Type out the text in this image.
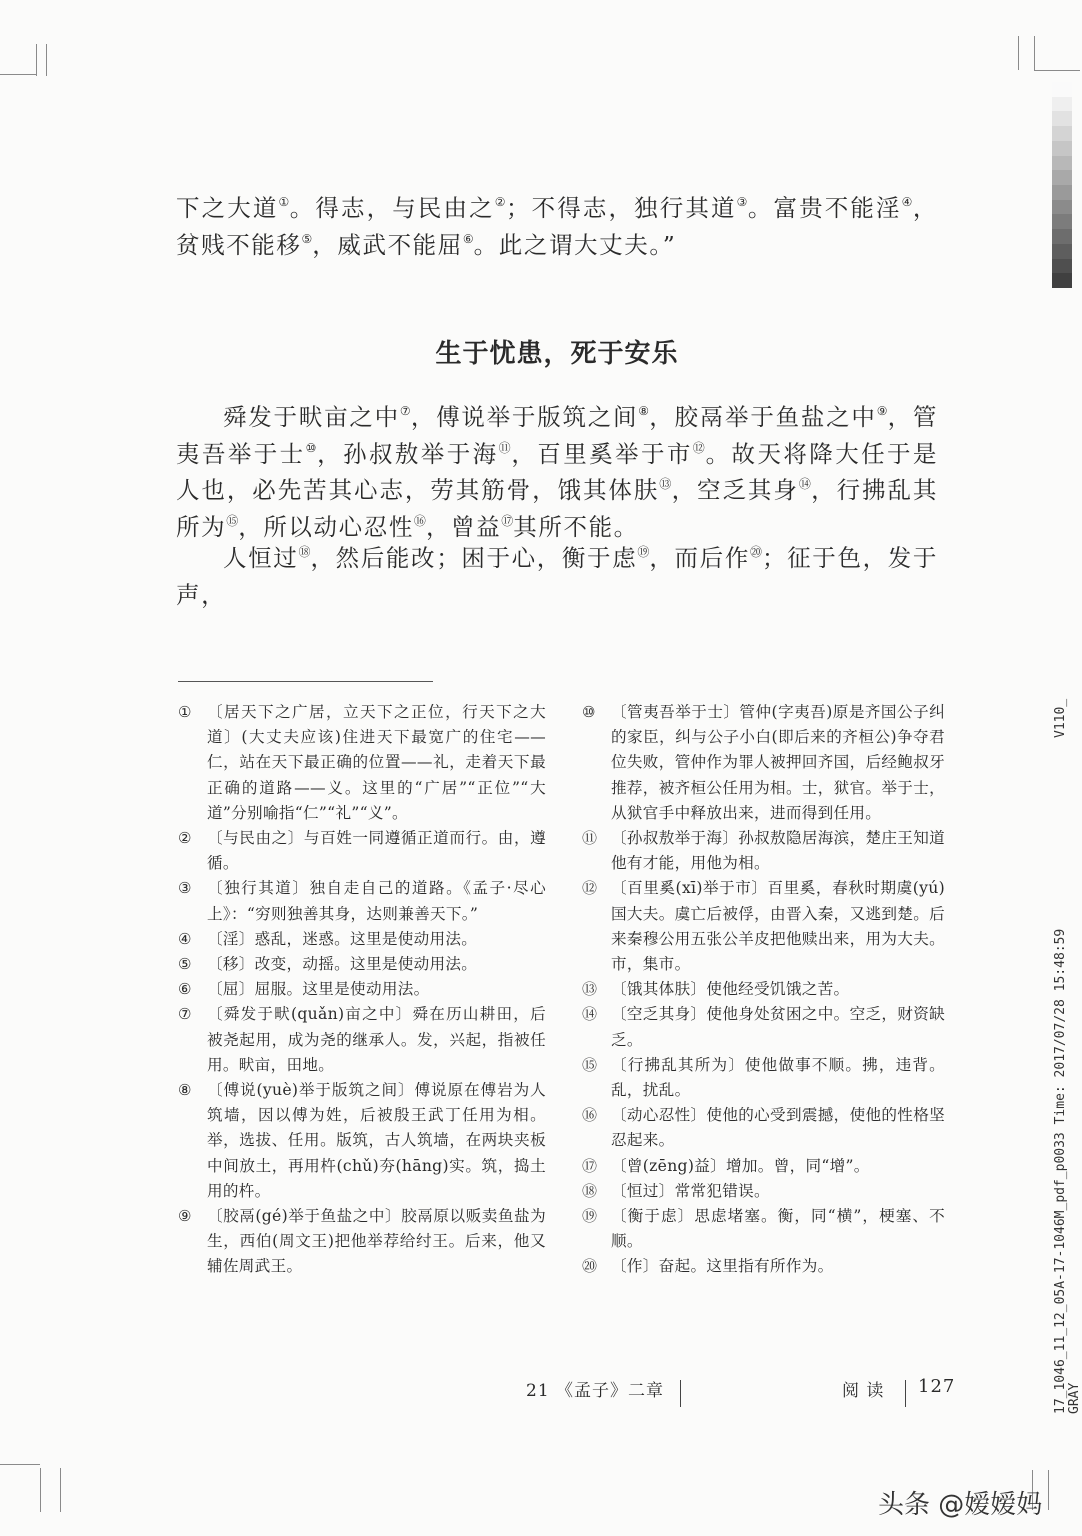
下之大道①。得志，与民由之②；不得志，独行其道③。富贵不能淫④，贫贱不能移⑤，威武不能屈⑥。此之谓大丈夫。”

生于忧患，死于安乐

舜发于畎亩之中⑦，傅说举于版筑之间⑧，胶鬲举于鱼盐之中⑨，管夷吾举于士⑩，孙叔敖举于海⑪，百里奚举于市⑫。故天将降大任于是人也，必先苦其心志，劳其筋骨，饿其体肤⑬，空乏其身⑭，行拂乱其所为⑮，所以动心忍性⑯，曾益⑰其所不能。

人恒过⑱，然后能改；困于心，衡于虑⑲，而后作⑳；征于色，发于声，

① 〔居天下之广居，立天下之正位，行天下之大道〕(大丈夫应该)住进天下最宽广的住宅——仁，站在天下最正确的位置——礼，走着天下最正确的道路——义。这里的“广居”“正位”“大道”分别喻指“仁”“礼”“义”。

② 〔与民由之〕与百姓一同遵循正道而行。由，遵循。

③ 〔独行其道〕独自走自己的道路。《孟子·尽心上》：“穷则独善其身，达则兼善天下。”

④ 〔淫〕惑乱，迷惑。这里是使动用法。

⑤ 〔移〕改变，动摇。这里是使动用法。

⑥ 〔屈〕屈服。这里是使动用法。

⑦ 〔舜发于畎(quǎn)亩之中〕舜在历山耕田，后被尧起用，成为尧的继承人。发，兴起，指被任用。畎亩，田地。

⑧ 〔傅说(yuè)举于版筑之间〕傅说原在傅岩为人筑墙，因以傅为姓，后被殷王武丁任用为相。举，选拔、任用。版筑，古人筑墙，在两块夹板中间放土，再用杵(chǔ)夯(hāng)实。筑，捣土用的杵。

⑨ 〔胶鬲(gé)举于鱼盐之中〕胶鬲原以贩卖鱼盐为生，西伯(周文王)把他举荐给纣王。后来，他又辅佐周武王。

⑩ 〔管夷吾举于士〕管仲(字夷吾)原是齐国公子纠的家臣，纠与公子小白(即后来的齐桓公)争夺君位失败，管仲作为罪人被押回齐国，后经鲍叔牙推荐，被齐桓公任用为相。士，狱官。举于士，从狱官手中释放出来，进而得到任用。

⑪ 〔孙叔敖举于海〕孙叔敖隐居海滨，楚庄王知道他有才能，用他为相。

⑫ 〔百里奚(xī)举于市〕百里奚，春秋时期虞(yú)国大夫。虞亡后被俘，由晋入秦，又逃到楚。后来秦穆公用五张公羊皮把他赎出来，用为大夫。市，集市。

⑬ 〔饿其体肤〕使他经受饥饿之苦。

⑭ 〔空乏其身〕使他身处贫困之中。空乏，财资缺乏。

⑮ 〔行拂乱其所为〕使他做事不顺。拂，违背。乱，扰乱。

⑯ 〔动心忍性〕使他的心受到震撼，使他的性格坚忍起来。

⑰ 〔曾(zēng)益〕增加。曾，同“增”。

⑱ 〔恒过〕常常犯错误。

⑲ 〔衡于虑〕思虑堵塞。衡，同“横”，梗塞、不顺。

⑳ 〔作〕奋起。这里指有所作为。

21 《孟子》二章	阅 读 127
V110_
17_1046_11_12_05A-17-1046M_pdf_p0033 Time: 2017/07/28 15:48:59 GRAY
头条 @嫒嫒妈
